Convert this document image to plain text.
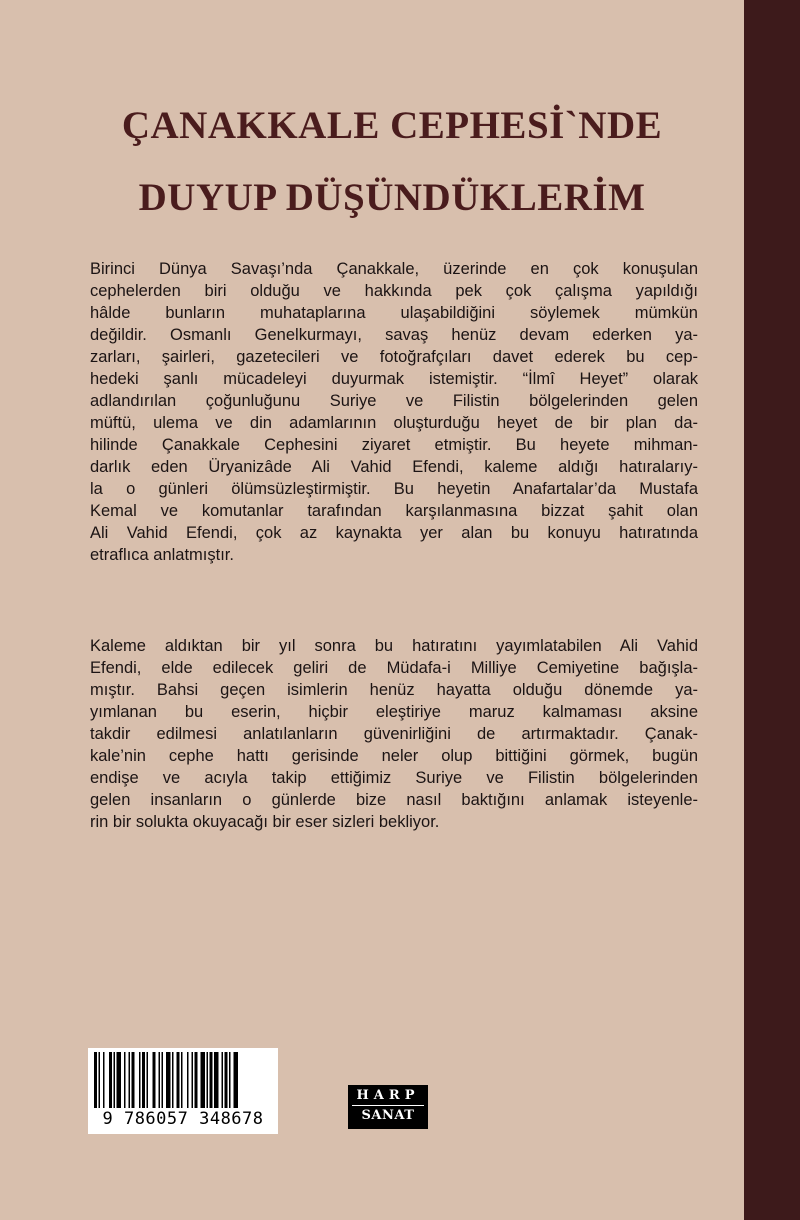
ÇANAKKALE CEPHESİ`NDE
DUYUP DÜŞÜNDÜKLERİM
Birinci Dünya Savaşı’nda Çanakkale, üzerinde en çok konuşulan
cephelerden biri olduğu ve hakkında pek çok çalışma yapıldığı
hâlde bunların muhataplarına ulaşabildiğini söylemek mümkün
değildir. Osmanlı Genelkurmayı, savaş henüz devam ederken ya-
zarları, şairleri, gazetecileri ve fotoğrafçıları davet ederek bu cep-
hedeki şanlı mücadeleyi duyurmak istemiştir. “İlmî Heyet” olarak
adlandırılan çoğunluğunu Suriye ve Filistin bölgelerinden gelen
müftü, ulema ve din adamlarının oluşturduğu heyet de bir plan da-
hilinde Çanakkale Cephesini ziyaret etmiştir. Bu heyete mihman-
darlık eden Üryanizâde Ali Vahid Efendi, kaleme aldığı hatıralarıy-
la o günleri ölümsüzleştirmiştir. Bu heyetin Anafartalar’da Mustafa
Kemal ve komutanlar tarafından karşılanmasına bizzat şahit olan
Ali Vahid Efendi, çok az kaynakta yer alan bu konuyu hatıratında
etraflıca anlatmıştır.
Kaleme aldıktan bir yıl sonra bu hatıratını yayımlatabilen Ali Vahid
Efendi, elde edilecek geliri de Müdafa-i Milliye Cemiyetine bağışla-
mıştır. Bahsi geçen isimlerin henüz hayatta olduğu dönemde ya-
yımlanan bu eserin, hiçbir eleştiriye maruz kalmaması aksine
takdir edilmesi anlatılanların güvenirliğini de artırmaktadır. Çanak-
kale’nin cephe hattı gerisinde neler olup bittiğini görmek, bugün
endişe ve acıyla takip ettiğimiz Suriye ve Filistin bölgelerinden
gelen insanların o günlerde bize nasıl baktığını anlamak isteyenle-
rin bir solukta okuyacağı bir eser sizleri bekliyor.
9 786057 348678
HARP
SANAT
